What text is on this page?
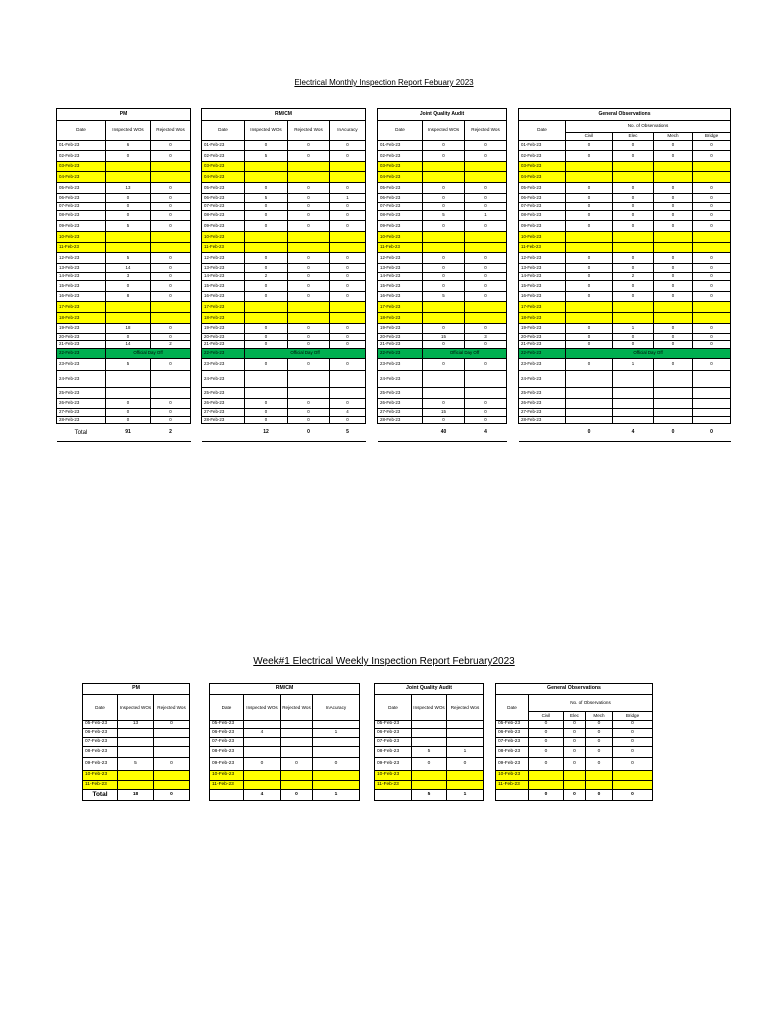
Electrical Monthly Inspection Report Febuary 2023
Week#1 Electrical Weekly Inspection Report February2023
PM		
Date	Inspected WOs	Rejected Wos

01-Feb-23	6	0
02-Feb-23	0	0
03-Feb-23		
04-Feb-23		
05-Feb-23	13	0
06-Feb-23	0	0
07-Feb-23	0	0
08-Feb-23	0	0
09-Feb-23	5	0
10-Feb-23		
11-Feb-23		
12-Feb-23	5	0
13-Feb-23	14	0
14-Feb-23	3	0
15-Feb-23	0	0
16-Feb-23	8	0
17-Feb-23		
18-Feb-23		
19-Feb-23	18	0
20-Feb-23	0	0
21-Feb-23	14	2
22-Feb-23	Official Day Off	
23-Feb-23	5	0
24-Feb-23		
25-Feb-23		
26-Feb-23	0	0
27-Feb-23	0	0
28-Feb-23	0	0
Total	91	2
RM/CM			
Date	Inspected WOs	Rejected Wos	InAcuracy

01-Feb-23	0	0	0
02-Feb-23	5	0	0
03-Feb-23			
04-Feb-23			
05-Feb-23	0	0	0
06-Feb-23	5	0	1
07-Feb-23	0	0	0
08-Feb-23	0	0	0
09-Feb-23	0	0	0
10-Feb-23			
11-Feb-23			
12-Feb-23	0	0	0
13-Feb-23	0	0	0
14-Feb-23	2	0	0
15-Feb-23	0	0	0
16-Feb-23	0	0	0
17-Feb-23			
18-Feb-23			
19-Feb-23	0	0	0
20-Feb-23	0	0	0
21-Feb-23	0	0	0
22-Feb-23	Official Day Off		
23-Feb-23	0	0	0
24-Feb-23			
25-Feb-23			
26-Feb-23	0	0	0
27-Feb-23	0	0	4
28-Feb-23	0	0	0
	12	0	5
Joint Quality Audit		
Date	Inspected WOs	Rejected Wos

01-Feb-23	0	0
02-Feb-23	0	0
03-Feb-23		
04-Feb-23		
05-Feb-23	0	0
06-Feb-23	0	0
07-Feb-23	0	0
08-Feb-23	5	1
09-Feb-23	0	0
10-Feb-23		
11-Feb-23		
12-Feb-23	0	0
13-Feb-23	0	0
14-Feb-23	0	0
15-Feb-23	0	0
16-Feb-23	5	0
17-Feb-23		
18-Feb-23		
19-Feb-23	0	0
20-Feb-23	15	3
21-Feb-23	0	0
22-Feb-23	Official Day Off	
23-Feb-23	0	0
24-Feb-23		
25-Feb-23		
26-Feb-23	0	0
27-Feb-23	15	0
28-Feb-23	0	0
	40	4
General Observations				
Date	No. of Observations			
	Civil	Elec	Mech	Bridge
01-Feb-23	0	0	0	0
02-Feb-23	0	0	0	0
03-Feb-23				
04-Feb-23				
05-Feb-23	0	0	0	0
06-Feb-23	0	0	0	0
07-Feb-23	0	0	0	0
08-Feb-23	0	0	0	0
09-Feb-23	0	0	0	0
10-Feb-23				
11-Feb-23				
12-Feb-23	0	0	0	0
13-Feb-23	0	0	0	0
14-Feb-23	0	2	0	0
15-Feb-23	0	0	0	0
16-Feb-23	0	0	0	0
17-Feb-23				
18-Feb-23				
19-Feb-23	0	1	0	0
20-Feb-23	0	0	0	0
21-Feb-23	0	0	0	0
22-Feb-23	Official Day Off			
23-Feb-23	0	1	0	0
24-Feb-23				
25-Feb-23				
26-Feb-23				
27-Feb-23				
28-Feb-23				
	0	4	0	0
PM		
Date	Inspected WOs	Rejected Wos

05-Feb-23	13	0
06-Feb-23		
07-Feb-23		
08-Feb-23		
09-Feb-23	5	0
10-Feb-23		
11-Feb-23		
Total	18	0
RM/CM			
Date	Inspected WOs	Rejected Wos	InAcuracy

05-Feb-23			
06-Feb-23	4		1
07-Feb-23			
08-Feb-23			
09-Feb-23	0	0	0
10-Feb-23			
11-Feb-23			
	4	0	1
Joint Quality Audit		
Date	Inspected WOs	Rejected Wos

05-Feb-23		
06-Feb-23		
07-Feb-23		
08-Feb-23	5	1
09-Feb-23	0	0
10-Feb-23		
11-Feb-23		
	5	1
General Observations				
Date	No. of Observations			
	Civil	Elec	Mech	Bridge
05-Feb-23	0	0	0	0
06-Feb-23	0	0	0	0
07-Feb-23	0	0	0	0
08-Feb-23	0	0	0	0
09-Feb-23	0	0	0	0
10-Feb-23				
11-Feb-23				
	0	0	0	0
